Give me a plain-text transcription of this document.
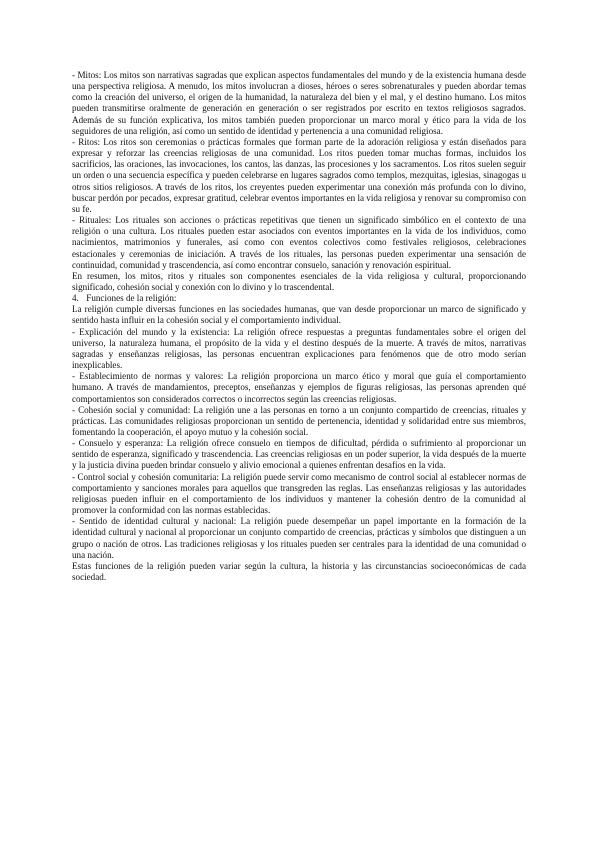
- Mitos: Los mitos son narrativas sagradas que explican aspectos fundamentales del mundo y de la existencia humana desde una perspectiva religiosa. A menudo, los mitos involucran a dioses, héroes o seres sobrenaturales y pueden abordar temas como la creación del universo, el origen de la humanidad, la naturaleza del bien y el mal, y el destino humano. Los mitos pueden transmitirse oralmente de generación en generación o ser registrados por escrito en textos religiosos sagrados. Además de su función explicativa, los mitos también pueden proporcionar un marco moral y ético para la vida de los seguidores de una religión, así como un sentido de identidad y pertenencia a una comunidad religiosa.

- Ritos: Los ritos son ceremonias o prácticas formales que forman parte de la adoración religiosa y están diseñados para expresar y reforzar las creencias religiosas de una comunidad. Los ritos pueden tomar muchas formas, incluidos los sacrificios, las oraciones, las invocaciones, los cantos, las danzas, las procesiones y los sacramentos. Los ritos suelen seguir un orden o una secuencia específica y pueden celebrarse en lugares sagrados como templos, mezquitas, iglesias, sinagogas u otros sitios religiosos. A través de los ritos, los creyentes pueden experimentar una conexión más profunda con lo divino, buscar perdón por pecados, expresar gratitud, celebrar eventos importantes en la vida religiosa y renovar su compromiso con su fe.

- Rituales: Los rituales son acciones o prácticas repetitivas que tienen un significado simbólico en el contexto de una religión o una cultura. Los rituales pueden estar asociados con eventos importantes en la vida de los individuos, como nacimientos, matrimonios y funerales, así como con eventos colectivos como festivales religiosos, celebraciones estacionales y ceremonias de iniciación. A través de los rituales, las personas pueden experimentar una sensación de continuidad, comunidad y trascendencia, así como encontrar consuelo, sanación y renovación espiritual.

En resumen, los mitos, ritos y rituales son componentes esenciales de la vida religiosa y cultural, proporcionando significado, cohesión social y conexión con lo divino y lo trascendental.

4. Funciones de la religión:

La religión cumple diversas funciones en las sociedades humanas, que van desde proporcionar un marco de significado y sentido hasta influir en la cohesión social y el comportamiento individual.

- Explicación del mundo y la existencia: La religión ofrece respuestas a preguntas fundamentales sobre el origen del universo, la naturaleza humana, el propósito de la vida y el destino después de la muerte. A través de mitos, narrativas sagradas y enseñanzas religiosas, las personas encuentran explicaciones para fenómenos que de otro modo serían inexplicables.

- Establecimiento de normas y valores: La religión proporciona un marco ético y moral que guía el comportamiento humano. A través de mandamientos, preceptos, enseñanzas y ejemplos de figuras religiosas, las personas aprenden qué comportamientos son considerados correctos o incorrectos según las creencias religiosas.

- Cohesión social y comunidad: La religión une a las personas en torno a un conjunto compartido de creencias, rituales y prácticas. Las comunidades religiosas proporcionan un sentido de pertenencia, identidad y solidaridad entre sus miembros, fomentando la cooperación, el apoyo mutuo y la cohesión social.

- Consuelo y esperanza: La religión ofrece consuelo en tiempos de dificultad, pérdida o sufrimiento al proporcionar un sentido de esperanza, significado y trascendencia. Las creencias religiosas en un poder superior, la vida después de la muerte y la justicia divina pueden brindar consuelo y alivio emocional a quienes enfrentan desafíos en la vida.

- Control social y cohesión comunitaria: La religión puede servir como mecanismo de control social al establecer normas de comportamiento y sanciones morales para aquellos que transgreden las reglas. Las enseñanzas religiosas y las autoridades religiosas pueden influir en el comportamiento de los individuos y mantener la cohesión dentro de la comunidad al promover la conformidad con las normas establecidas.

- Sentido de identidad cultural y nacional: La religión puede desempeñar un papel importante en la formación de la identidad cultural y nacional al proporcionar un conjunto compartido de creencias, prácticas y símbolos que distinguen a un grupo o nación de otros. Las tradiciones religiosas y los rituales pueden ser centrales para la identidad de una comunidad o una nación.

Estas funciones de la religión pueden variar según la cultura, la historia y las circunstancias socioeconómicas de cada sociedad.
